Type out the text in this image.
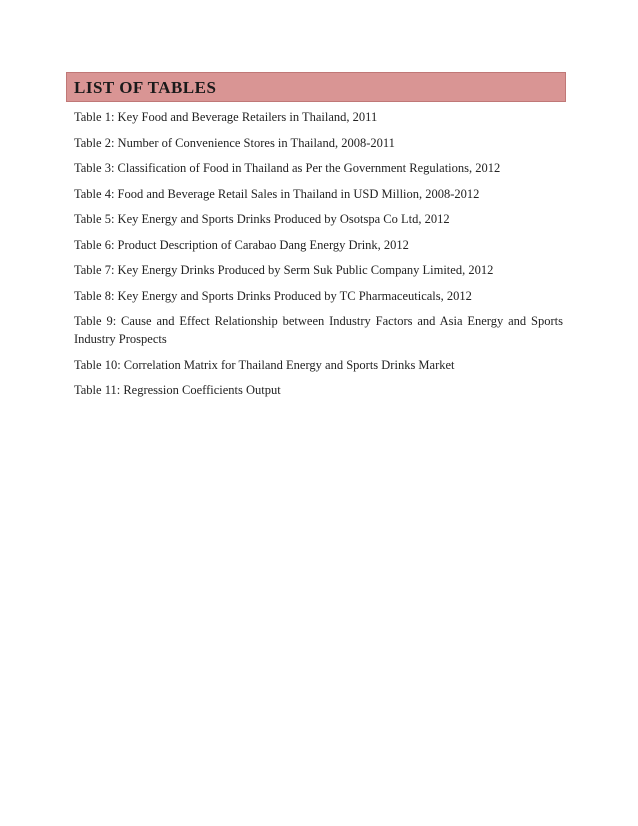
LIST OF TABLES
Table 1: Key Food and Beverage Retailers in Thailand, 2011
Table 2: Number of Convenience Stores in Thailand, 2008-2011
Table 3: Classification of Food in Thailand as Per the Government Regulations, 2012
Table 4: Food and Beverage Retail Sales in Thailand in USD Million, 2008-2012
Table 5: Key Energy and Sports Drinks Produced by Osotspa Co Ltd, 2012
Table 6: Product Description of Carabao Dang Energy Drink, 2012
Table 7: Key Energy Drinks Produced by Serm Suk Public Company Limited, 2012
Table 8: Key Energy and Sports Drinks Produced by TC Pharmaceuticals, 2012
Table 9: Cause and Effect Relationship between Industry Factors and Asia Energy and Sports Industry Prospects
Table 10: Correlation Matrix for Thailand Energy and Sports Drinks Market
Table 11: Regression Coefficients Output
